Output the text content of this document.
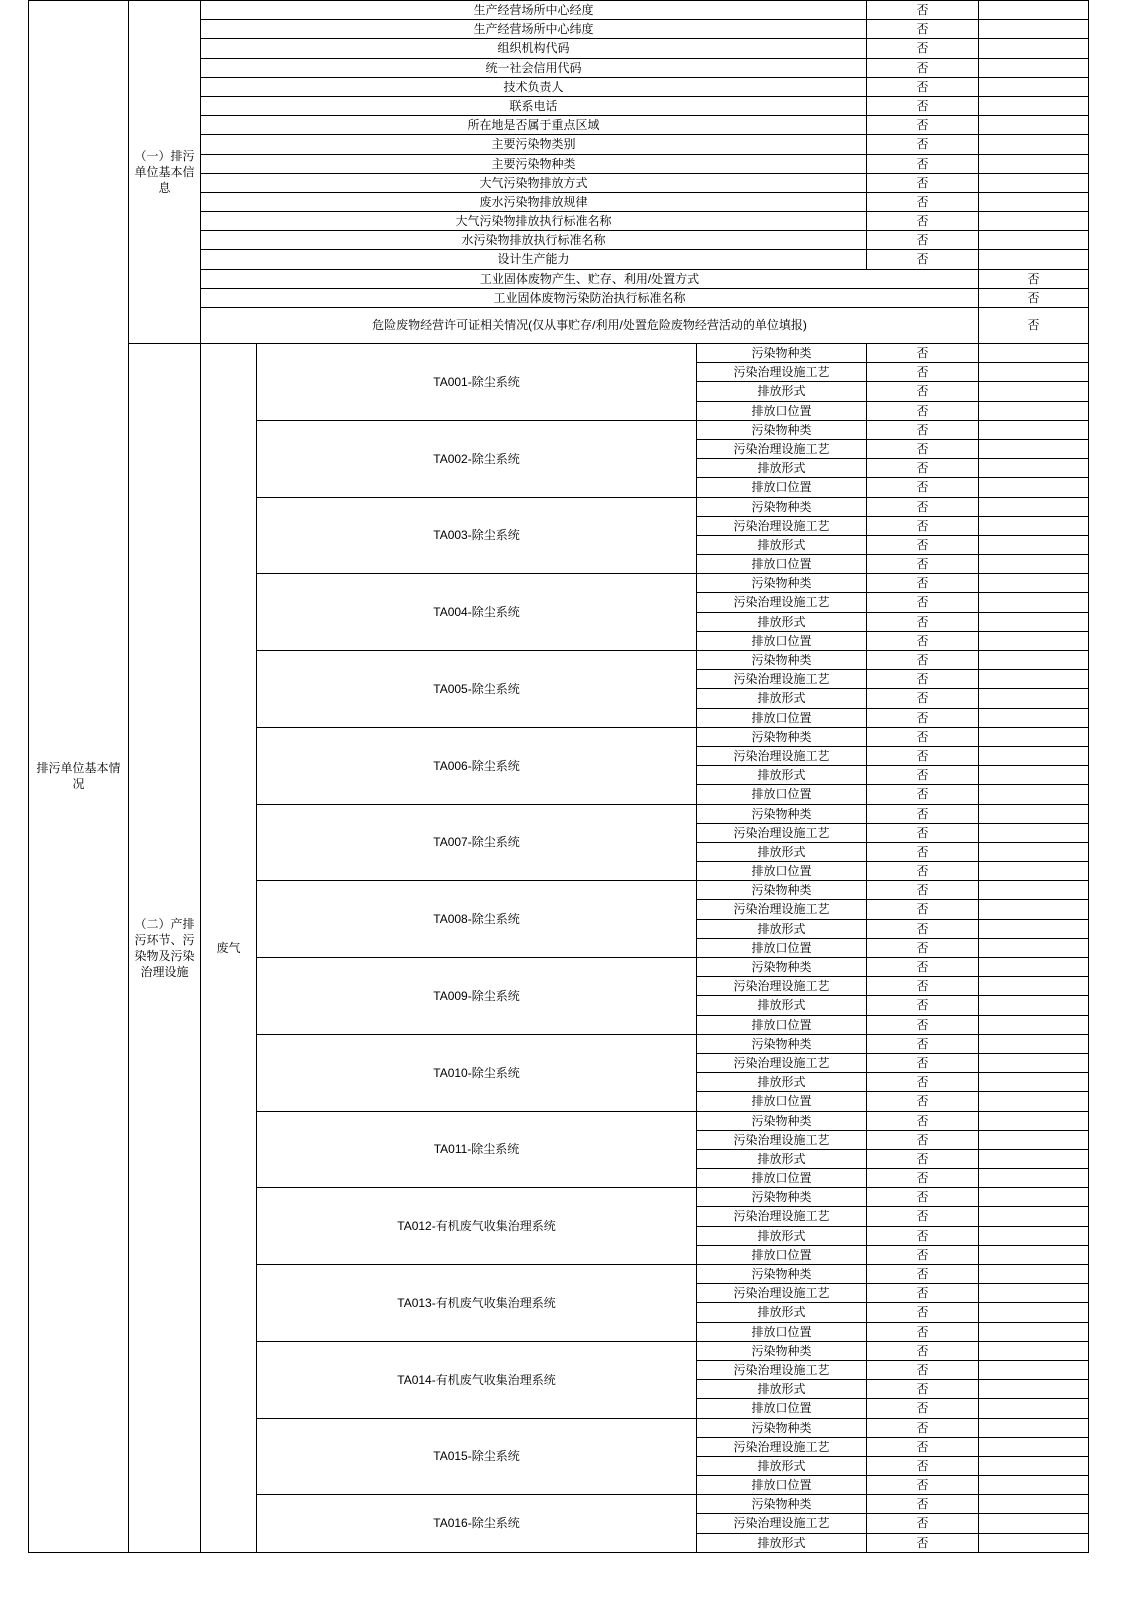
排污单位基本情况	（一）排污单位基本信息	生产经营场所中心经度			否		
		生产经营场所中心纬度			否		
		组织机构代码			否		
		统一社会信用代码			否		
		技术负责人			否		
		联系电话			否		
		所在地是否属于重点区域			否		
		主要污染物类别			否		
		主要污染物种类			否		
		大气污染物排放方式			否		
		废水污染物排放规律			否		
		大气污染物排放执行标准名称			否		
		水污染物排放执行标准名称			否		
		设计生产能力			否		
		工业固体废物产生、贮存、利用/处置方式				否	
		工业固体废物污染防治执行标准名称				否	
		危险废物经营许可证相关情况(仅从事贮存/利用/处置危险废物经营活动的单位填报)				否	
	（二）产排污环节、污染物及污染治理设施	废气	TA001-除尘系统	污染物种类	否		
				污染治理设施工艺	否		
				排放形式	否		
				排放口位置	否		
			TA002-除尘系统	污染物种类	否		
				污染治理设施工艺	否		
				排放形式	否		
				排放口位置	否		
			TA003-除尘系统	污染物种类	否		
				污染治理设施工艺	否		
				排放形式	否		
				排放口位置	否		
			TA004-除尘系统	污染物种类	否		
				污染治理设施工艺	否		
				排放形式	否		
				排放口位置	否		
			TA005-除尘系统	污染物种类	否		
				污染治理设施工艺	否		
				排放形式	否		
				排放口位置	否		
			TA006-除尘系统	污染物种类	否		
				污染治理设施工艺	否		
				排放形式	否		
				排放口位置	否		
			TA007-除尘系统	污染物种类	否		
				污染治理设施工艺	否		
				排放形式	否		
				排放口位置	否		
			TA008-除尘系统	污染物种类	否		
				污染治理设施工艺	否		
				排放形式	否		
				排放口位置	否		
			TA009-除尘系统	污染物种类	否		
				污染治理设施工艺	否		
				排放形式	否		
				排放口位置	否		
			TA010-除尘系统	污染物种类	否		
				污染治理设施工艺	否		
				排放形式	否		
				排放口位置	否		
			TA011-除尘系统	污染物种类	否		
				污染治理设施工艺	否		
				排放形式	否		
				排放口位置	否		
			TA012-有机废气收集治理系统	污染物种类	否		
				污染治理设施工艺	否		
				排放形式	否		
				排放口位置	否		
			TA013-有机废气收集治理系统	污染物种类	否		
				污染治理设施工艺	否		
				排放形式	否		
				排放口位置	否		
			TA014-有机废气收集治理系统	污染物种类	否		
				污染治理设施工艺	否		
				排放形式	否		
				排放口位置	否		
			TA015-除尘系统	污染物种类	否		
				污染治理设施工艺	否		
				排放形式	否		
				排放口位置	否		
			TA016-除尘系统	污染物种类	否		
				污染治理设施工艺	否		
				排放形式	否		
